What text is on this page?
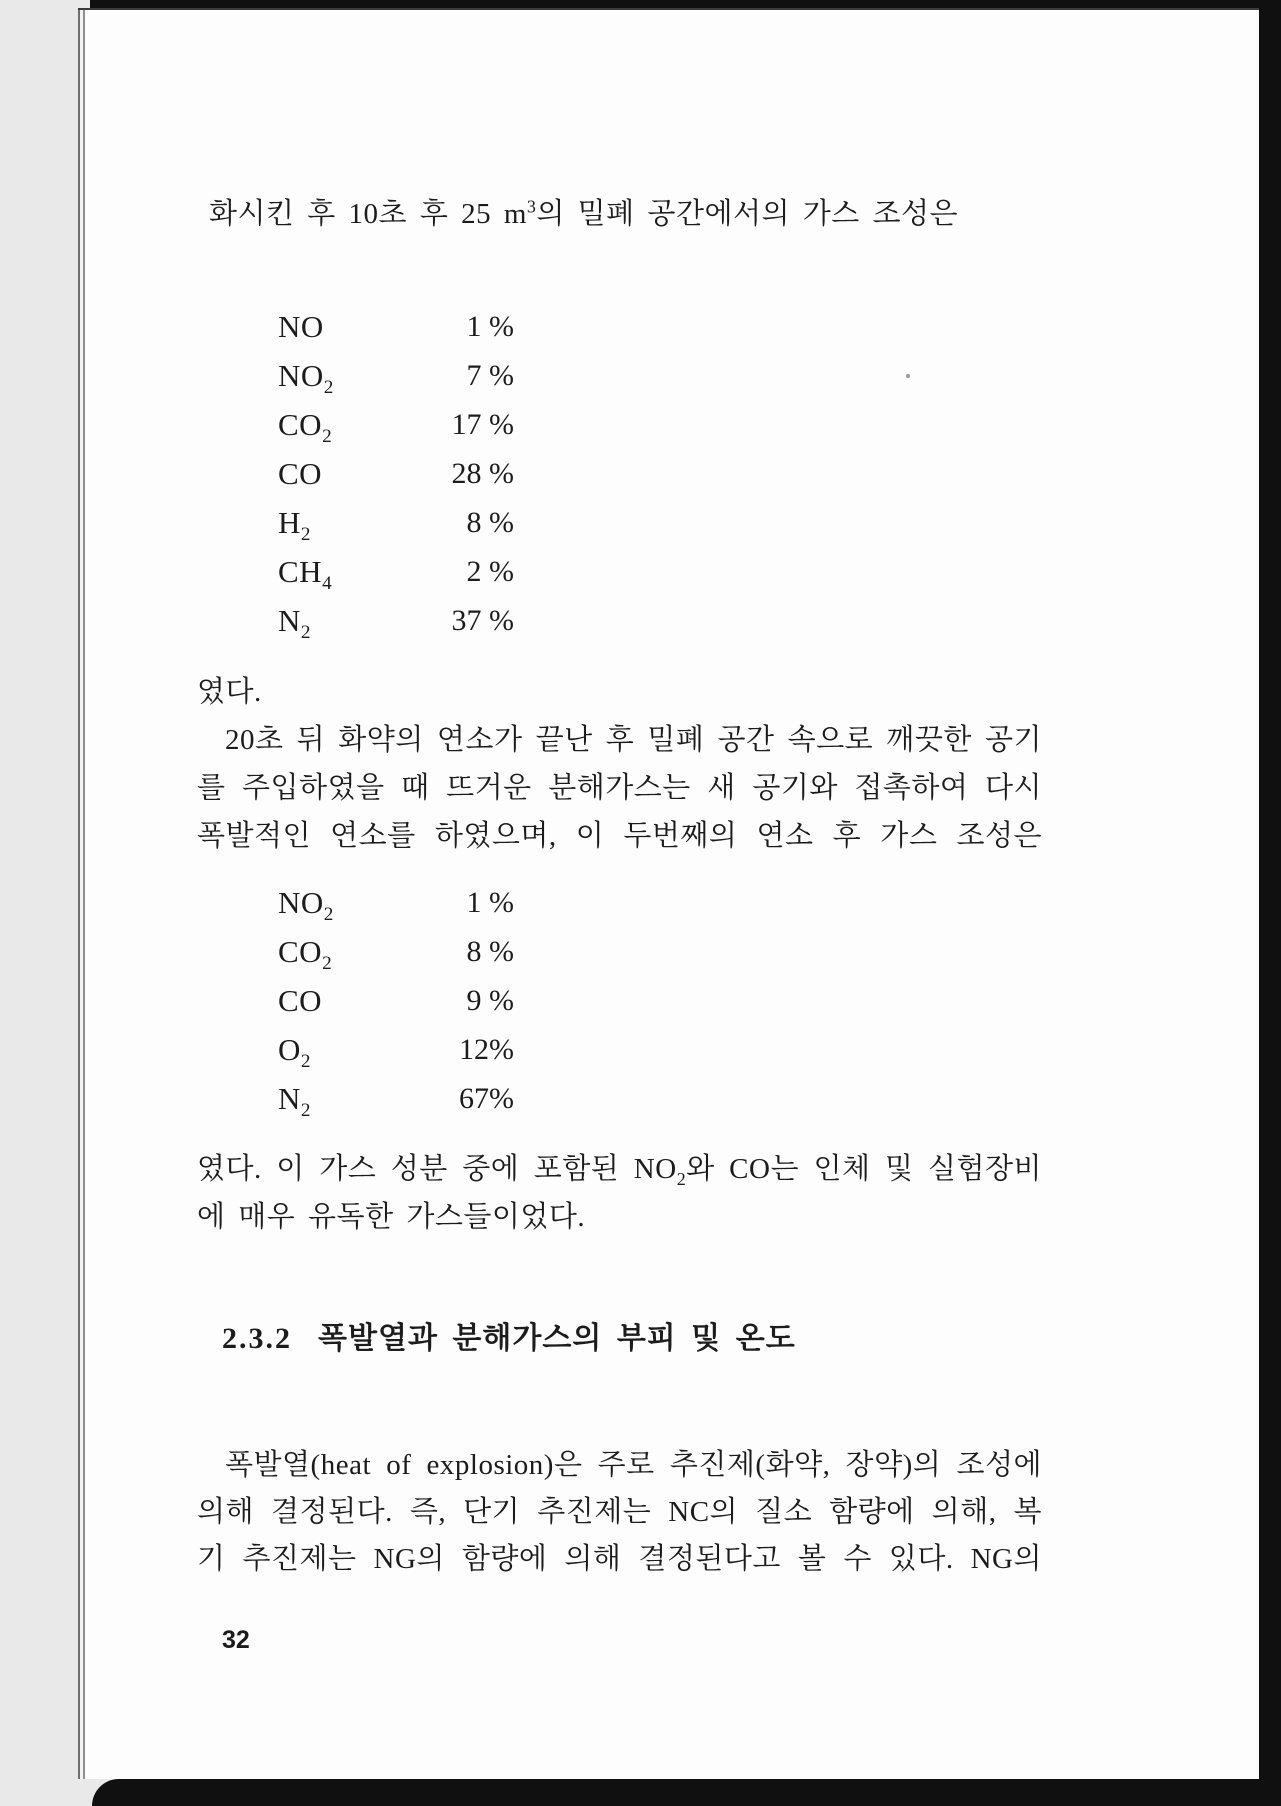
화시킨 후 10초 후 25 $m^3$의 밀폐 공간에서의 가스 조성은
NO	1 %
$NO_2$	7 %
$CO_2$	17 %
CO	28 %
$H_2$	8 %
$CH_4$	2 %
$N_2$	37 %
였다.
20초 뒤 화약의 연소가 끝난 후 밀폐 공간 속으로 깨끗한 공기
를 주입하였을 때 뜨거운 분해가스는 새 공기와 접촉하여 다시
폭발적인 연소를 하였으며, 이 두번째의 연소 후 가스 조성은
$NO_2$	1 %
$CO_2$	8 %
CO	9 %
$O_2$	12%
$N_2$	67%
였다. 이 가스 성분 중에 포함된 $NO_2$와 CO는 인체 및 실험장비
에 매우 유독한 가스들이었다.
2.3.2 폭발열과 분해가스의 부피 및 온도
폭발열(heat of explosion)은 주로 추진제(화약, 장약)의 조성에
의해 결정된다. 즉, 단기 추진제는 NC의 질소 함량에 의해, 복
기 추진제는 NG의 함량에 의해 결정된다고 볼 수 있다. NG의
32
